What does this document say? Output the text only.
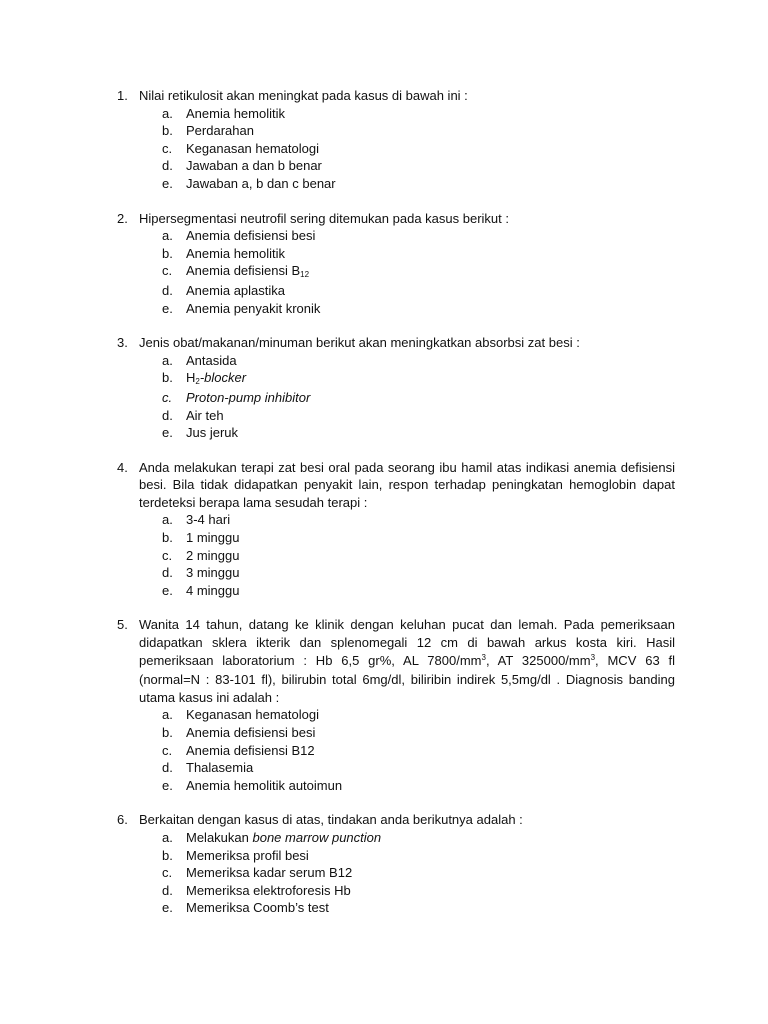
1. Nilai retikulosit akan meningkat pada kasus di bawah ini :
a. Anemia hemolitik
b. Perdarahan
c. Keganasan hematologi
d. Jawaban a dan b benar
e. Jawaban a, b dan c benar
2. Hipersegmentasi neutrofil sering ditemukan pada kasus berikut :
a. Anemia defisiensi besi
b. Anemia hemolitik
c. Anemia defisiensi $B_{12}$
d. Anemia aplastika
e. Anemia penyakit kronik
3. Jenis obat/makanan/minuman berikut akan meningkatkan absorbsi zat besi :
a. Antasida
b. $H_2$-blocker
c. Proton-pump inhibitor
d. Air teh
e. Jus jeruk
4. Anda melakukan terapi zat besi oral pada seorang ibu hamil atas indikasi anemia defisiensi besi. Bila tidak didapatkan penyakit lain, respon terhadap peningkatan hemoglobin dapat terdeteksi berapa lama sesudah terapi :
a. 3-4 hari
b. 1 minggu
c. 2 minggu
d. 3 minggu
e. 4 minggu
5. Wanita 14 tahun, datang ke klinik dengan keluhan pucat dan lemah. Pada pemeriksaan didapatkan sklera ikterik dan splenomegali 12 cm di bawah arkus kosta kiri. Hasil pemeriksaan laboratorium : Hb 6,5 gr%, AL $7800/mm^3$, AT $325000/mm^3$, MCV 63 fl (normal=N : 83-101 fl), bilirubin total 6mg/dl, biliribin indirek 5,5mg/dl . Diagnosis banding utama kasus ini adalah :
a. Keganasan hematologi
b. Anemia defisiensi besi
c. Anemia defisiensi B12
d. Thalasemia
e. Anemia hemolitik autoimun
6. Berkaitan dengan kasus di atas, tindakan anda berikutnya adalah :
a. Melakukan bone marrow punction
b. Memeriksa profil besi
c. Memeriksa kadar serum B12
d. Memeriksa elektroforesis Hb
e. Memeriksa Coomb’s test
